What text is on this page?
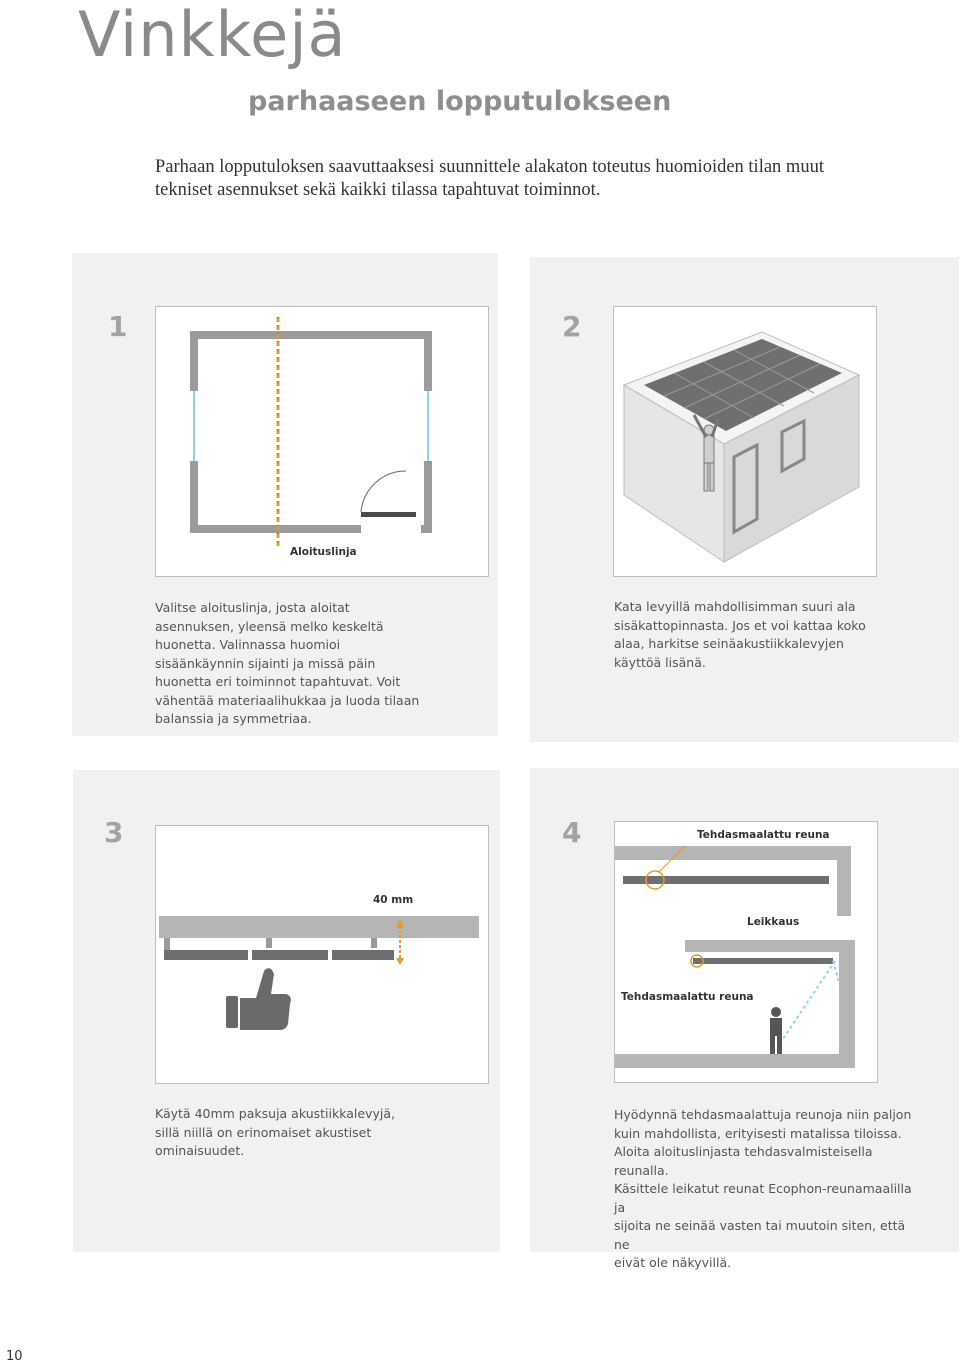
Vinkkejä
parhaaseen lopputulokseen

Parhaan lopputuloksen saavuttaaksesi suunnittele alakaton toteutus huomioiden tilan muut tekniset asennukset sekä kaikki tilassa tapahtuvat toiminnot.

1
Aloituslinja

Valitse aloituslinja, josta aloitat asennuksen, yleensä melko keskeltä huonetta. Valinnassa huomioi sisäänkäynnin sijainti ja missä päin huonetta eri toiminnot tapahtuvat. Voit vähentää materiaalihukkaa ja luoda tilaan balanssia ja symmetriaa.

2

Kata levyillä mahdollisimman suuri ala sisäkattopinnasta. Jos et voi kattaa koko alaa, harkitse seinäakustiikkalevyjen käyttöä lisänä.

3
40 mm

Käytä 40mm paksuja akustiikkalevyjä, sillä niillä on erinomaiset akustiset ominaisuudet.

4	Tehdasmaalattu reuna
Leikkaus
Tehdasmaalattu reuna

Hyödynnä tehdasmaalattuja reunoja niin paljon
kuin mahdollista, erityisesti matalissa tiloissa.
Aloita aloituslinjasta tehdasvalmisteisella reunalla.
Käsittele leikatut reunat Ecophon-reunamaalilla ja
sijoita ne seinää vasten tai muutoin siten, että ne
eivät ole näkyvillä.

10
